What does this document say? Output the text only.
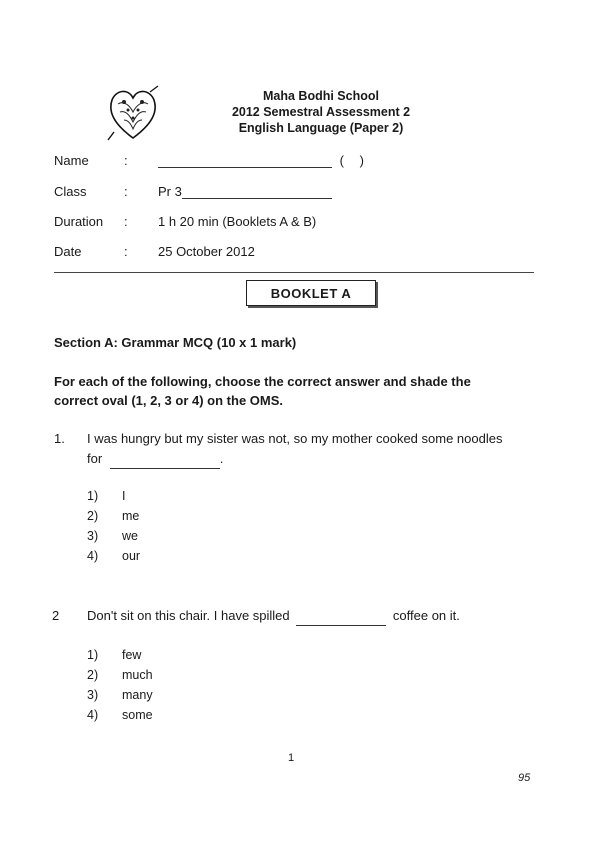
Maha Bodhi School
2012 Semestral Assessment 2
English Language (Paper 2)
Name	:	( )
Class	: Pr 3
Duration : 1 h 20 min (Booklets A & B)
Date	: 25 October 2012
BOOKLET A
Section A: Grammar MCQ (10 x 1 mark)
For each of the following, choose the correct answer and shade the correct oval (1, 2, 3 or 4) on the OMS.
1. I was hungry but my sister was not, so my mother cooked some noodles
for	.
1) I
2) me
3) we
4) our
2 Don't sit on this chair. I have spilled	coffee on it.
1) few
2) much
3) many
4) some
1
95
